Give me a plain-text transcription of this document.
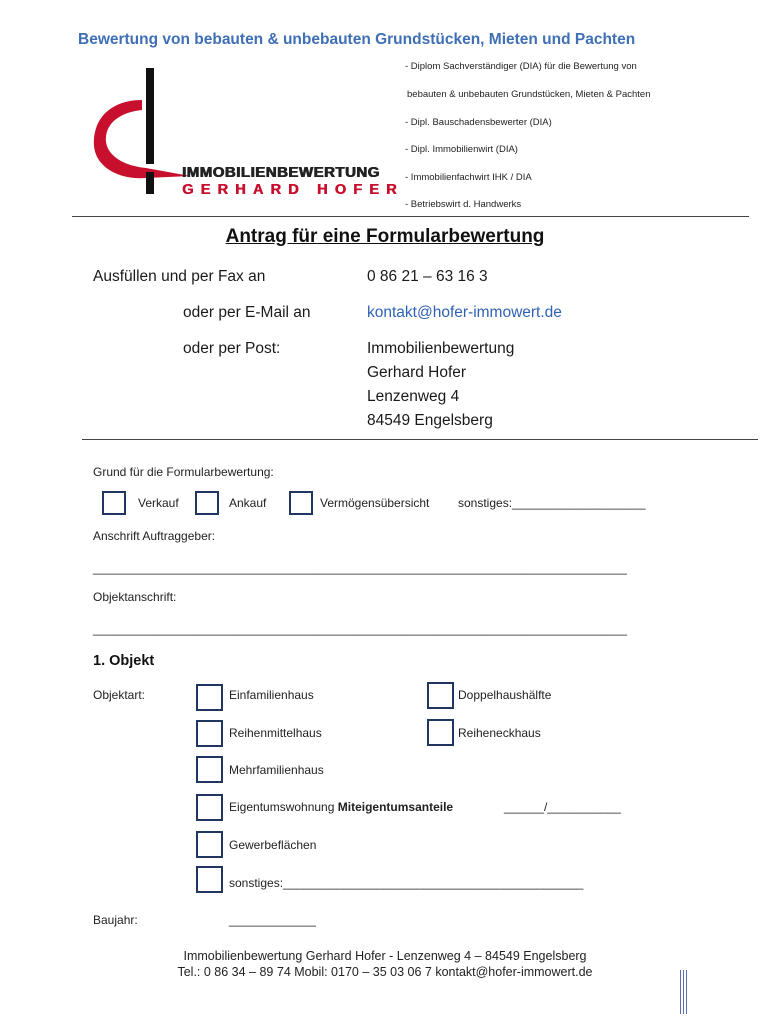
Bewertung von bebauten & unbebauten Grundstücken, Mieten und Pachten
IMMOBILIENBEWERTUNG
GERHARD HOFER
- Diplom Sachverständiger (DIA) für die Bewertung von
bebauten & unbebauten Grundstücken, Mieten & Pachten
- Dipl. Bauschadensbewerter (DIA)
- Dipl. Immobilienwirt (DIA)
- Immobilienfachwirt IHK / DIA
- Betriebswirt d. Handwerks
Antrag für eine Formularbewertung
Ausfüllen und per Fax an	0 86 21 – 63 16 3
oder per E-Mail an	kontakt@hofer-immowert.de
oder per Post:	Immobilienbewertung
Gerhard Hofer
Lenzenweg 4
84549 Engelsberg
Grund für die Formularbewertung:
Verkauf	Ankauf	Vermögensübersicht sonstiges:____________________
Anschrift Auftraggeber:
________________________________________________________________________________
Objektanschrift:
________________________________________________________________________________
1. Objekt
Objektart:	Einfamilienhaus	Doppelhaushälfte
Reihenmittelhaus	Reiheneckhaus
Mehrfamilienhaus
Eigentumswohnung Miteigentumsanteile	______/___________
Gewerbeflächen
sonstiges:_____________________________________________
Baujahr:	_____________
Immobilienbewertung Gerhard Hofer - Lenzenweg 4 – 84549 Engelsberg
Tel.: 0 86 34 – 89 74 Mobil: 0170 – 35 03 06 7 kontakt@hofer-immowert.de
